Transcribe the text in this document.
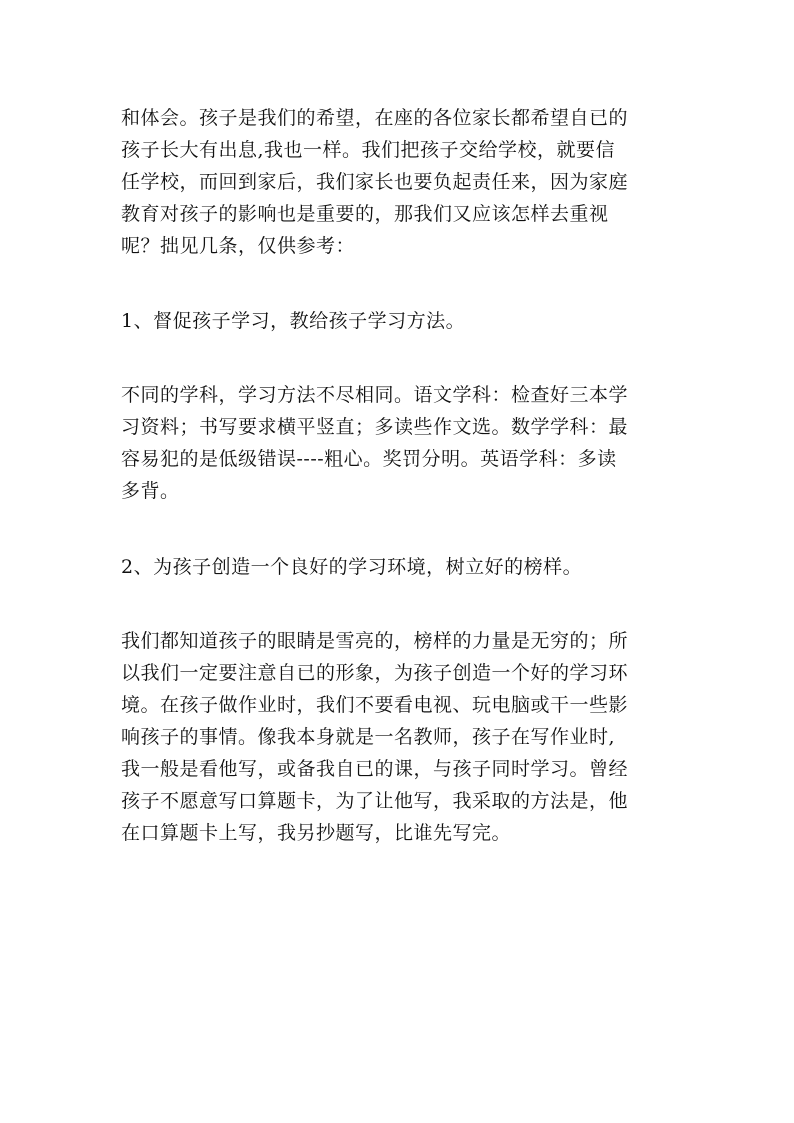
和体会。孩子是我们的希望，在座的各位家长都希望自已的
孩子长大有出息,我也一样。我们把孩子交给学校，就要信
任学校，而回到家后，我们家长也要负起责任来，因为家庭
教育对孩子的影响也是重要的，那我们又应该怎样去重视
呢？拙见几条，仅供参考：
1、督促孩子学习，教给孩子学习方法。
不同的学科，学习方法不尽相同。语文学科：检查好三本学
习资料；书写要求横平竖直；多读些作文选。数学学科：最
容易犯的是低级错误----粗心。奖罚分明。英语学科：多读
多背。
2、为孩子创造一个良好的学习环境，树立好的榜样。
我们都知道孩子的眼睛是雪亮的，榜样的力量是无穷的；所
以我们一定要注意自已的形象，为孩子创造一个好的学习环
境。在孩子做作业时，我们不要看电视、玩电脑或干一些影
响孩子的事情。像我本身就是一名教师，孩子在写作业时,
我一般是看他写，或备我自已的课，与孩子同时学习。曾经
孩子不愿意写口算题卡，为了让他写，我采取的方法是，他
在口算题卡上写，我另抄题写，比谁先写完。
